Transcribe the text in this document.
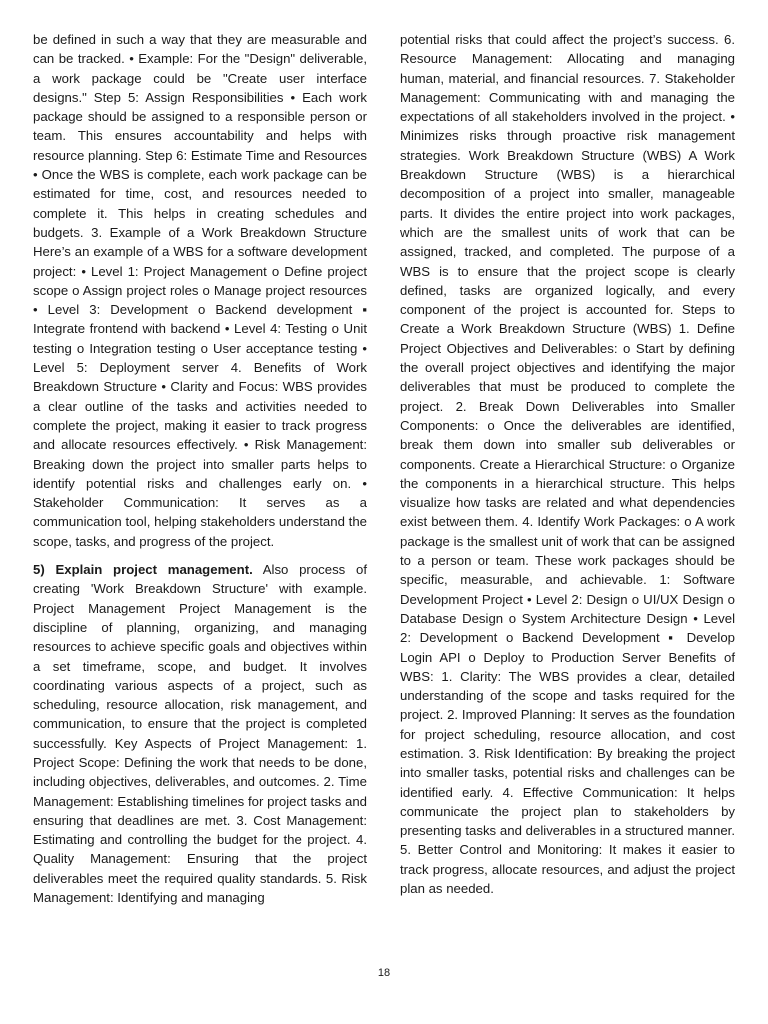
be defined in such a way that they are measurable and can be tracked. • Example: For the "Design" deliverable, a work package could be "Create user interface designs." Step 5: Assign Responsibilities • Each work package should be assigned to a responsible person or team. This ensures accountability and helps with resource planning. Step 6: Estimate Time and Resources • Once the WBS is complete, each work package can be estimated for time, cost, and resources needed to complete it. This helps in creating schedules and budgets. 3. Example of a Work Breakdown Structure Here’s an example of a WBS for a software development project: • Level 1: Project Management o Define project scope o Assign project roles o Manage project resources • Level 3: Development o Backend development ▪ Integrate frontend with backend • Level 4: Testing o Unit testing o Integration testing o User acceptance testing • Level 5: Deployment server 4. Benefits of Work Breakdown Structure • Clarity and Focus: WBS provides a clear outline of the tasks and activities needed to complete the project, making it easier to track progress and allocate resources effectively. • Risk Management: Breaking down the project into smaller parts helps to identify potential risks and challenges early on. • Stakeholder Communication: It serves as a communication tool, helping stakeholders understand the scope, tasks, and progress of the project.

5) Explain project management. Also process of creating 'Work Breakdown Structure' with example. Project Management Project Management is the discipline of planning, organizing, and managing resources to achieve specific goals and objectives within a set timeframe, scope, and budget. It involves coordinating various aspects of a project, such as scheduling, resource allocation, risk management, and communication, to ensure that the project is completed successfully. Key Aspects of Project Management: 1. Project Scope: Defining the work that needs to be done, including objectives, deliverables, and outcomes. 2. Time Management: Establishing timelines for project tasks and ensuring that deadlines are met. 3. Cost Management: Estimating and controlling the budget for the project. 4. Quality Management: Ensuring that the project deliverables meet the required quality standards. 5. Risk Management: Identifying and managing

potential risks that could affect the project’s success. 6. Resource Management: Allocating and managing human, material, and financial resources. 7. Stakeholder Management: Communicating with and managing the expectations of all stakeholders involved in the project. • Minimizes risks through proactive risk management strategies. Work Breakdown Structure (WBS) A Work Breakdown Structure (WBS) is a hierarchical decomposition of a project into smaller, manageable parts. It divides the entire project into work packages, which are the smallest units of work that can be assigned, tracked, and completed. The purpose of a WBS is to ensure that the project scope is clearly defined, tasks are organized logically, and every component of the project is accounted for. Steps to Create a Work Breakdown Structure (WBS) 1. Define Project Objectives and Deliverables: o Start by defining the overall project objectives and identifying the major deliverables that must be produced to complete the project. 2. Break Down Deliverables into Smaller Components: o Once the deliverables are identified, break them down into smaller sub deliverables or components. Create a Hierarchical Structure: o Organize the components in a hierarchical structure. This helps visualize how tasks are related and what dependencies exist between them. 4. Identify Work Packages: o A work package is the smallest unit of work that can be assigned to a person or team. These work packages should be specific, measurable, and achievable. 1: Software Development Project • Level 2: Design o UI/UX Design o Database Design o System Architecture Design • Level 2: Development o Backend Development ▪ Develop Login API o Deploy to Production Server Benefits of WBS: 1. Clarity: The WBS provides a clear, detailed understanding of the scope and tasks required for the project. 2. Improved Planning: It serves as the foundation for project scheduling, resource allocation, and cost estimation. 3. Risk Identification: By breaking the project into smaller tasks, potential risks and challenges can be identified early. 4. Effective Communication: It helps communicate the project plan to stakeholders by presenting tasks and deliverables in a structured manner. 5. Better Control and Monitoring: It makes it easier to track progress, allocate resources, and adjust the project plan as needed.

18
